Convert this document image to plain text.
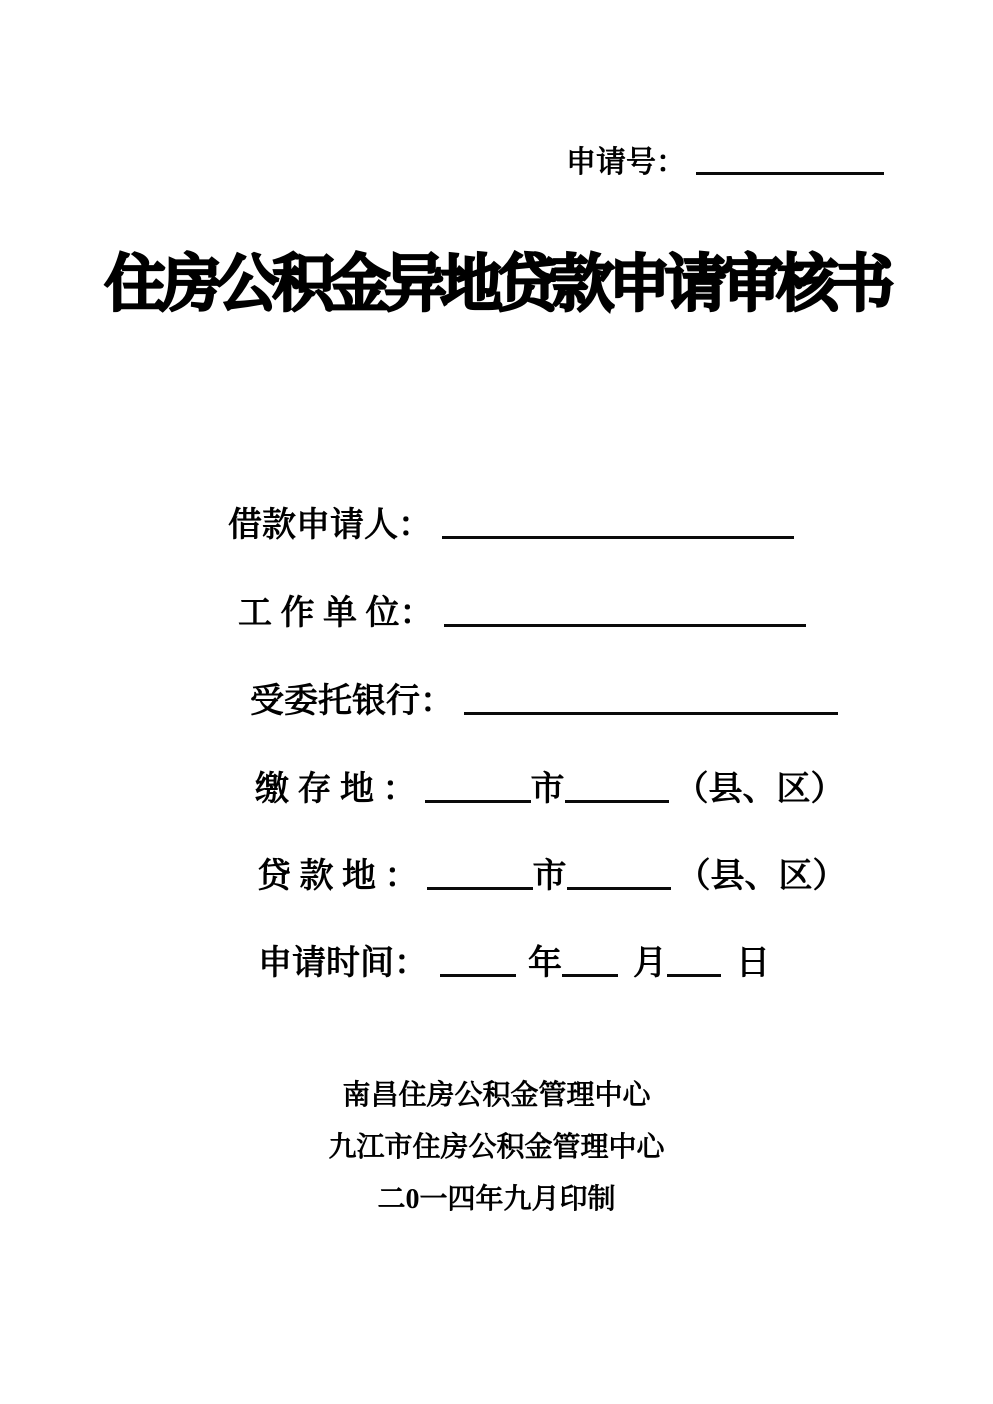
申请号：
住房公积金异地贷款申请审核书
借款申请人：
工 作 单 位：
受委托银行：
缴 存 地 ：	市	（县、区）
贷 款 地 ：	市	（县、区）
申请时间：	年 月 日
南昌住房公积金管理中心
九江市住房公积金管理中心
二0一四年九月印制
